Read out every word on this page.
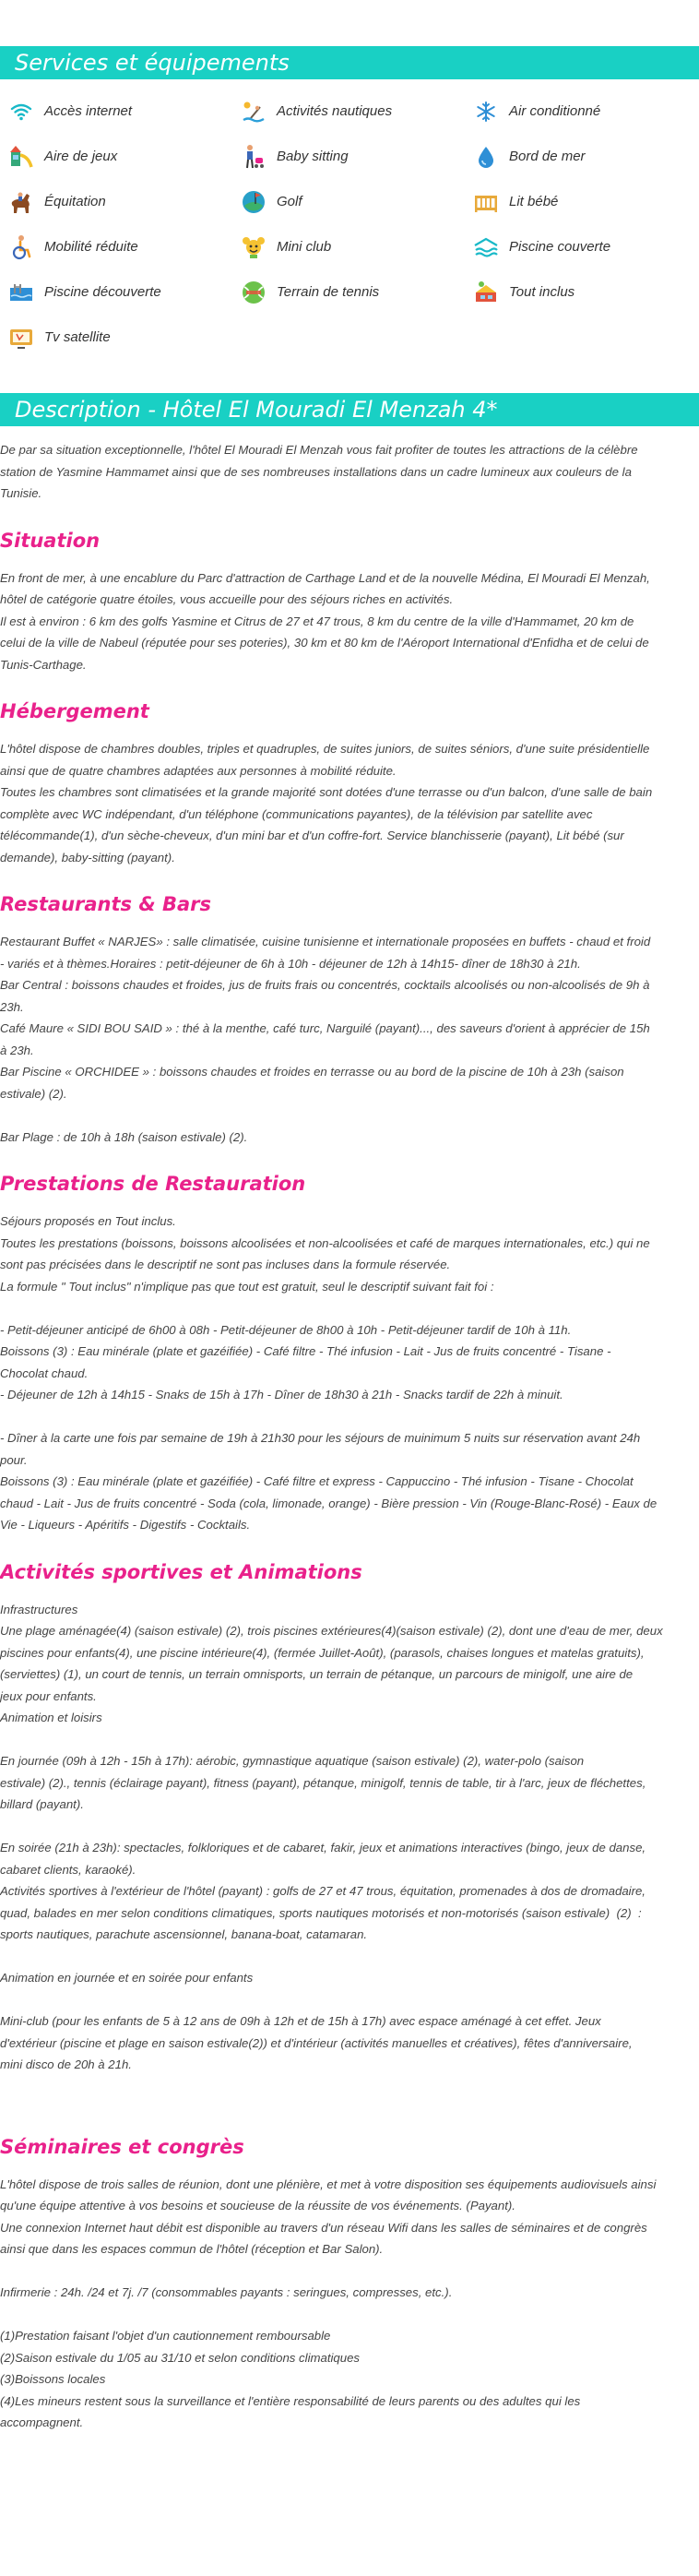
Services et équipements
Accès internet	Activités nautiques	Air conditionné
Aire de jeux	Baby sitting	Bord de mer
Équitation	Golf	Lit bébé
Mobilité réduite	Mini club	Piscine couverte
Piscine découverte	Terrain de tennis	Tout inclus
Tv satellite
Description - Hôtel El Mouradi El Menzah 4*

De par sa situation exceptionnelle, l'hôtel El Mouradi El Menzah vous fait profiter de toutes les attractions de la célèbre
station de Yasmine Hammamet ainsi que de ses nombreuses installations dans un cadre lumineux aux couleurs de la
Tunisie.

Situation

En front de mer, à une encablure du Parc d'attraction de Carthage Land et de la nouvelle Médina, El Mouradi El Menzah,
hôtel de catégorie quatre étoiles, vous accueille pour des séjours riches en activités.
Il est à environ : 6 km des golfs Yasmine et Citrus de 27 et 47 trous, 8 km du centre de la ville d'Hammamet, 20 km de
celui de la ville de Nabeul (réputée pour ses poteries), 30 km et 80 km de l'Aéroport International d'Enfidha et de celui de
Tunis-Carthage.

Hébergement

L'hôtel dispose de chambres doubles, triples et quadruples, de suites juniors, de suites séniors, d'une suite présidentielle
ainsi que de quatre chambres adaptées aux personnes à mobilité réduite.
Toutes les chambres sont climatisées et la grande majorité sont dotées d'une terrasse ou d'un balcon, d'une salle de bain
complète avec WC indépendant, d'un téléphone (communications payantes), de la télévision par satellite avec
télécommande(1), d'un sèche-cheveux, d'un mini bar et d'un coffre-fort. Service blanchisserie (payant), Lit bébé (sur
demande), baby-sitting (payant).

Restaurants & Bars

Restaurant Buffet « NARJES» : salle climatisée, cuisine tunisienne et internationale proposées en buffets - chaud et froid
- variés et à thèmes.Horaires : petit-déjeuner de 6h à 10h - déjeuner de 12h à 14h15- dîner de 18h30 à 21h.
Bar Central : boissons chaudes et froides, jus de fruits frais ou concentrés, cocktails alcoolisés ou non-alcoolisés de 9h à
23h.
Café Maure « SIDI BOU SAID » : thé à la menthe, café turc, Narguilé (payant)..., des saveurs d'orient à apprécier de 15h
à 23h.
Bar Piscine « ORCHIDEE » : boissons chaudes et froides en terrasse ou au bord de la piscine de 10h à 23h (saison
estivale) (2).

Bar Plage : de 10h à 18h (saison estivale) (2).

Prestations de Restauration

Séjours proposés en Tout inclus.
Toutes les prestations (boissons, boissons alcoolisées et non-alcoolisées et café de marques internationales, etc.) qui ne
sont pas précisées dans le descriptif ne sont pas incluses dans la formule réservée.
La formule " Tout inclus" n'implique pas que tout est gratuit, seul le descriptif suivant fait foi :

- Petit-déjeuner anticipé de 6h00 à 08h - Petit-déjeuner de 8h00 à 10h - Petit-déjeuner tardif de 10h à 11h.
Boissons (3) : Eau minérale (plate et gazéifiée) - Café filtre - Thé infusion - Lait - Jus de fruits concentré - Tisane -
Chocolat chaud.
- Déjeuner de 12h à 14h15 - Snaks de 15h à 17h - Dîner de 18h30 à 21h - Snacks tardif de 22h à minuit.

- Dîner à la carte une fois par semaine de 19h à 21h30 pour les séjours de muinimum 5 nuits sur réservation avant 24h
pour.
Boissons (3) : Eau minérale (plate et gazéifiée) - Café filtre et express - Cappuccino - Thé infusion - Tisane - Chocolat
chaud - Lait - Jus de fruits concentré - Soda (cola, limonade, orange) - Bière pression - Vin (Rouge-Blanc-Rosé) - Eaux de
Vie - Liqueurs - Apéritifs - Digestifs - Cocktails.

Activités sportives et Animations

Infrastructures
Une plage aménagée(4) (saison estivale) (2), trois piscines extérieures(4)(saison estivale) (2), dont une d'eau de mer, deux
piscines pour enfants(4), une piscine intérieure(4), (fermée Juillet-Août), (parasols, chaises longues et matelas gratuits),
(serviettes) (1), un court de tennis, un terrain omnisports, un terrain de pétanque, un parcours de minigolf, une aire de
jeux pour enfants.
Animation et loisirs

En journée (09h à 12h - 15h à 17h): aérobic, gymnastique aquatique (saison estivale) (2), water-polo (saison
estivale) (2)., tennis (éclairage payant), fitness (payant), pétanque, minigolf, tennis de table, tir à l'arc, jeux de fléchettes,
billard (payant).

En soirée (21h à 23h): spectacles, folkloriques et de cabaret, fakir, jeux et animations interactives (bingo, jeux de danse,
cabaret clients, karaoké).
Activités sportives à l'extérieur de l'hôtel (payant) : golfs de 27 et 47 trous, équitation, promenades à dos de dromadaire,
quad, balades en mer selon conditions climatiques, sports nautiques motorisés et non-motorisés (saison estivale)  (2)  :
sports nautiques, parachute ascensionnel, banana-boat, catamaran.

Animation en journée et en soirée pour enfants

Mini-club (pour les enfants de 5 à 12 ans de 09h à 12h et de 15h à 17h) avec espace aménagé à cet effet. Jeux
d'extérieur (piscine et plage en saison estivale(2)) et d'intérieur (activités manuelles et créatives), fêtes d'anniversaire,
mini disco de 20h à 21h.

Séminaires et congrès

L'hôtel dispose de trois salles de réunion, dont une plénière, et met à votre disposition ses équipements audiovisuels ainsi
qu'une équipe attentive à vos besoins et soucieuse de la réussite de vos événements. (Payant).
Une connexion Internet haut débit est disponible au travers d'un réseau Wifi dans les salles de séminaires et de congrès
ainsi que dans les espaces commun de l'hôtel (réception et Bar Salon).

Infirmerie : 24h. /24 et 7j. /7 (consommables payants : seringues, compresses, etc.).

(1)Prestation faisant l'objet d'un cautionnement remboursable
(2)Saison estivale du 1/05 au 31/10 et selon conditions climatiques
(3)Boissons locales
(4)Les mineurs restent sous la surveillance et l'entière responsabilité de leurs parents ou des adultes qui les
accompagnent.
